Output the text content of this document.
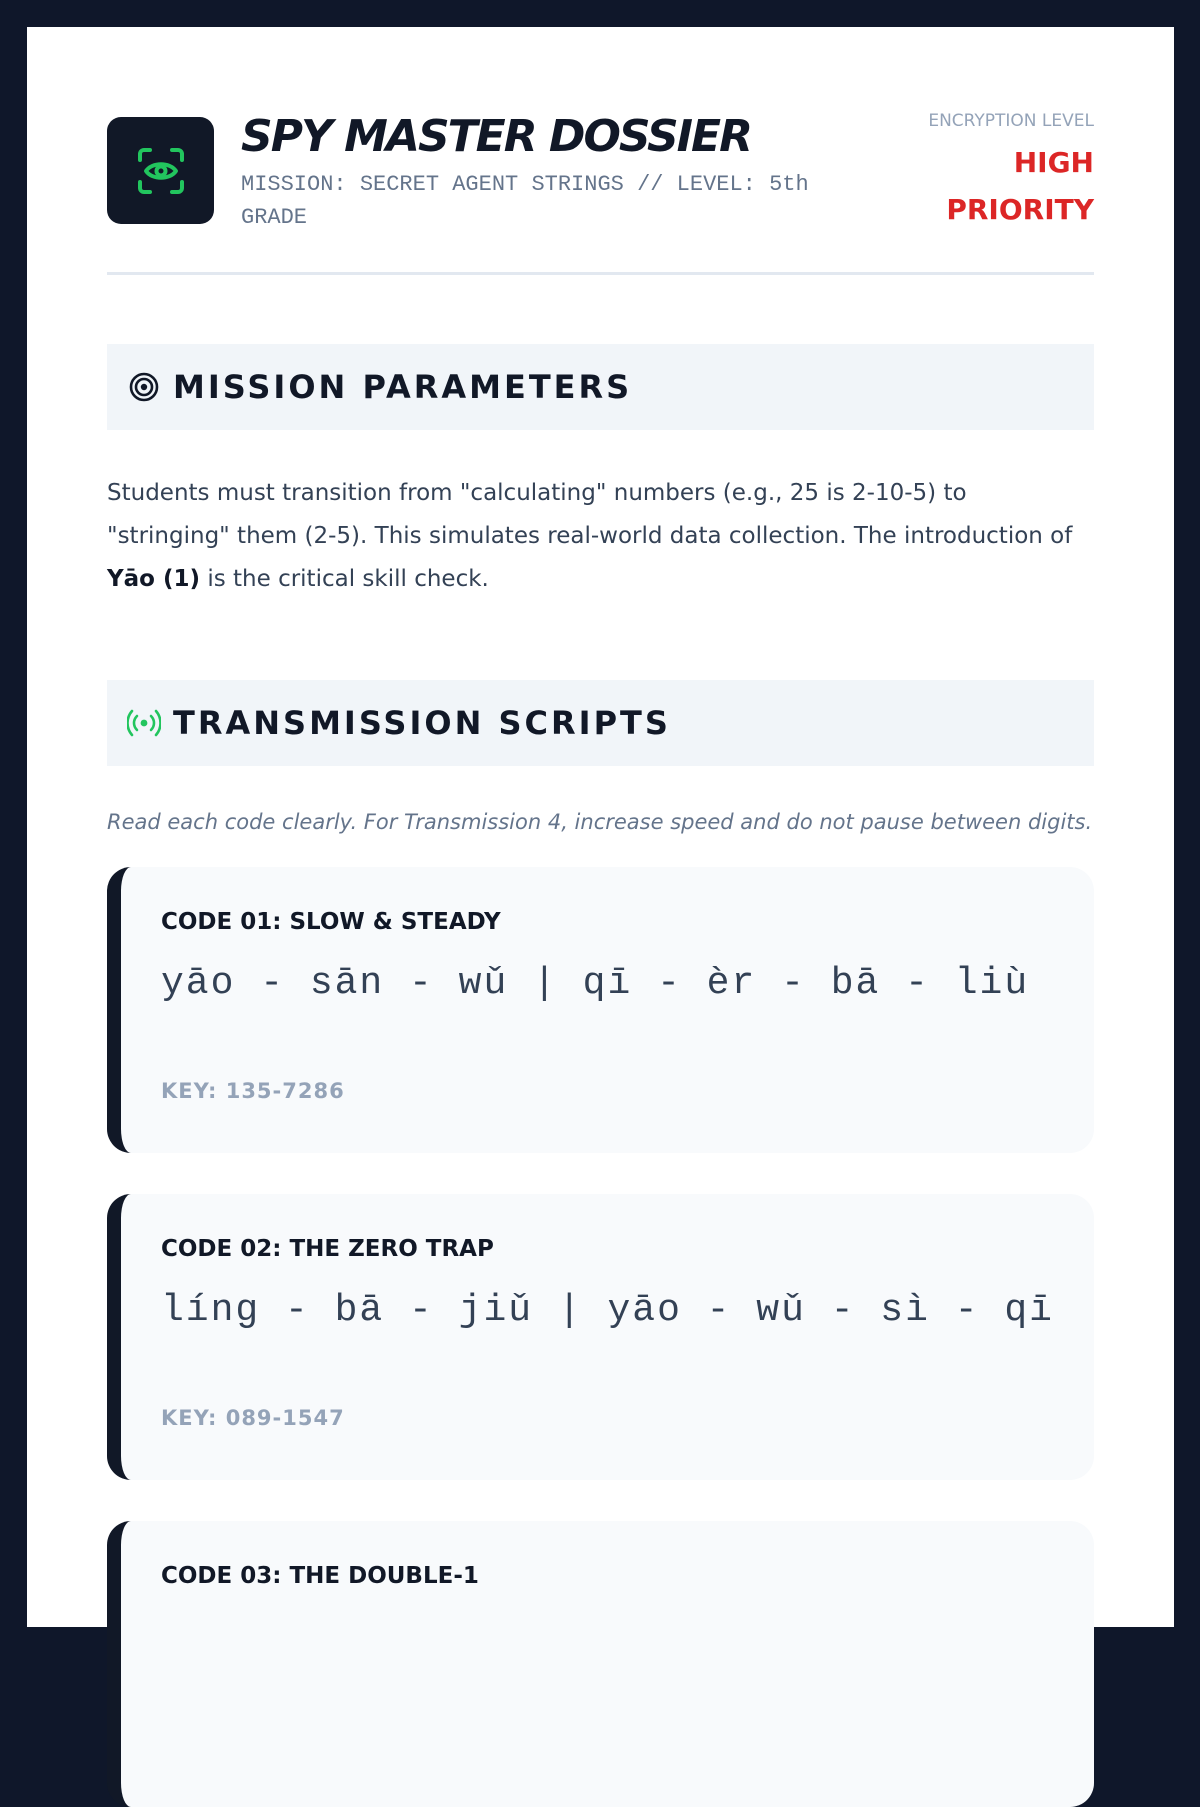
SPY MASTER DOSSIER
MISSION: SECRET AGENT STRINGS // LEVEL: 5th GRADE
ENCRYPTION LEVEL
HIGH PRIORITY
MISSION PARAMETERS
Students must transition from "calculating" numbers (e.g., 25 is 2-10-5) to "stringing" them (2-5). This simulates real-world data collection. The introduction of Yāo (1) is the critical skill check.
TRANSMISSION SCRIPTS
Read each code clearly. For Transmission 4, increase speed and do not pause between digits.
CODE 01: SLOW & STEADY
yāo - sān - wǔ | qī - èr - bā - liù
KEY: 135-7286
CODE 02: THE ZERO TRAP
líng - bā - jiǔ | yāo - wǔ - sì - qī
KEY: 089-1547
CODE 03: THE DOUBLE-1
